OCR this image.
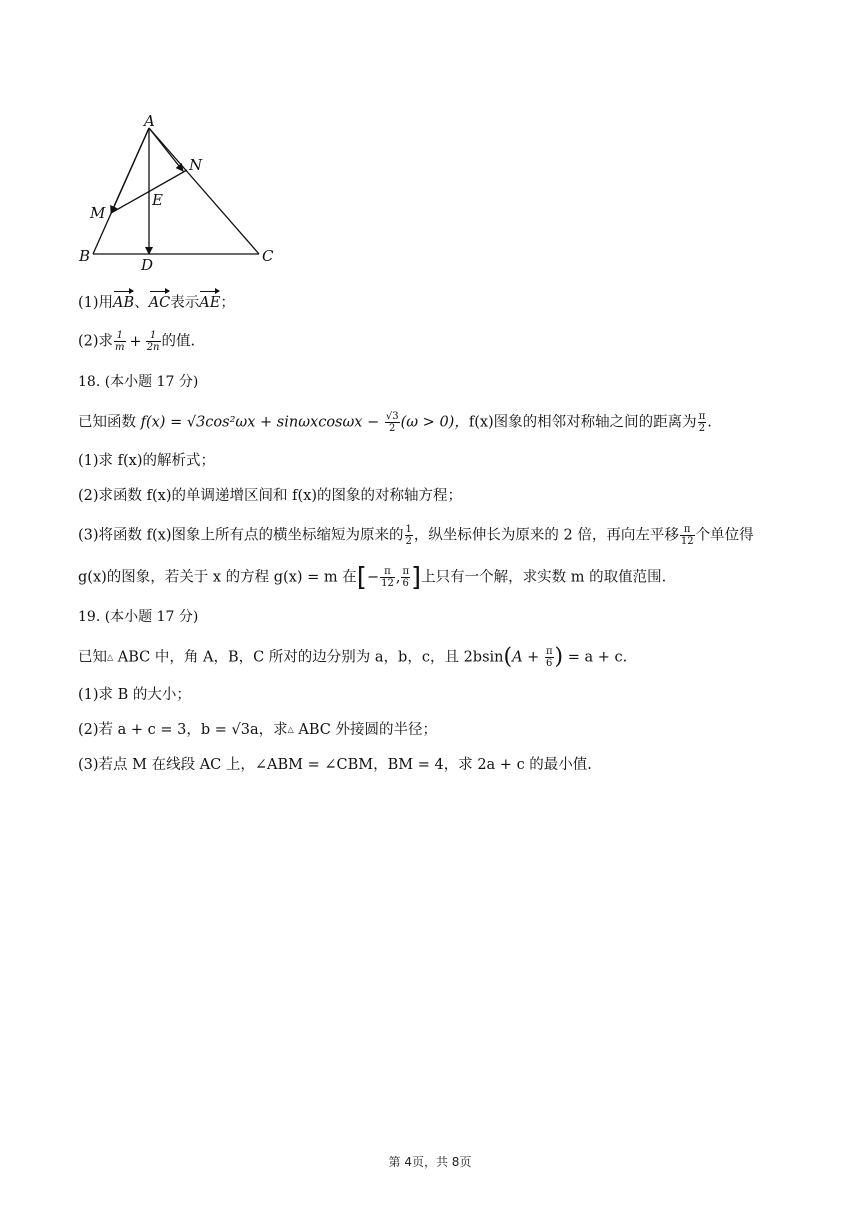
A
N
M
E
B	D	C
(1)用AB、AC表示AE；
(2)求 $\frac{1}{m} + \frac{1}{2n}$ 的值.
18. (本小题 17 分)
已知函数 $f(x) = √3\cos^2\omega x + \sin\omega xcos\omega x - \frac{√3}{2} (\omega > 0)$，f(x)图象的相邻对称轴之间的距离为 $\frac{\pi}{2}$ .
(1)求 f(x)的解析式；
(2)求函数 f(x)的单调递增区间和 f(x)的图象的对称轴方程；
(3)将函数 f(x)图象上所有点的横坐标缩短为原来的 $\frac{1}{2}$ ，纵坐标伸长为原来的 2 倍，再向左平移 $\frac{\pi}{12}$ 个单位得
g(x)的图象，若关于 x 的方程 g(x) = m 在[− $\frac{\pi}{12}$ , $\frac{\pi}{6}$ ]上只有一个解，求实数 m 的取值范围.
19. (本小题 17 分)
已知△ ABC 中，角 A，B，C 所对的边分别为 a，b，c，且 $2bsin(A + \frac{\pi}{6}$ ) = a + c.
(1)求 B 的大小；
(2)若 a + c = 3，b = √3a，求△ ABC 外接圆的半径；
(3)若点 M 在线段 AC 上，∠ABM = ∠CBM，BM = 4，求 2a + c 的最小值.
第 4页，共 8页
